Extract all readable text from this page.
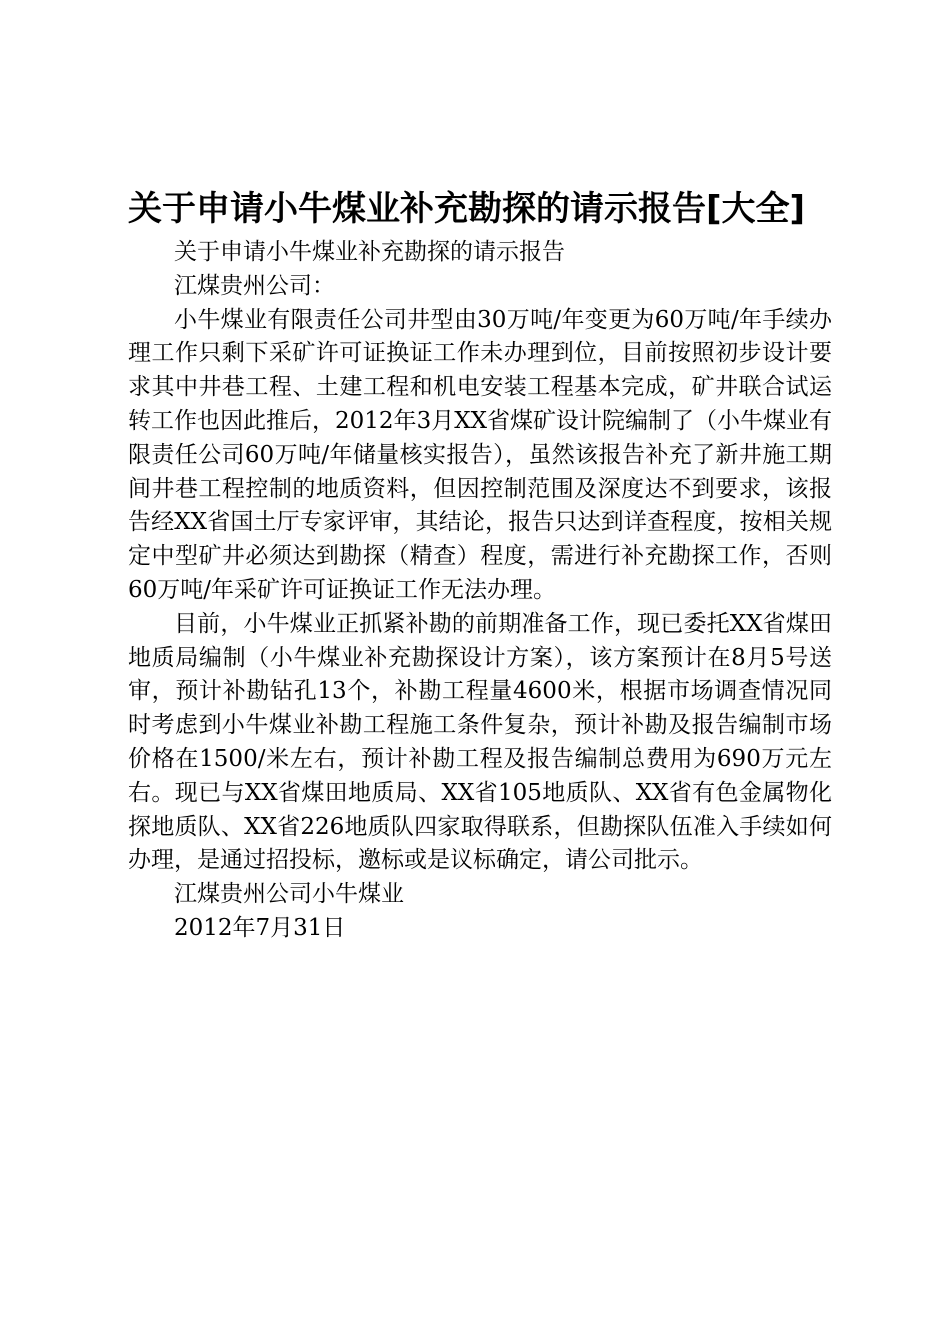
关于申请小牛煤业补充勘探的请示报告[大全]

关于申请小牛煤业补充勘探的请示报告

江煤贵州公司：

小牛煤业有限责任公司井型由30万吨/年变更为60万吨/年手续办理工作只剩下采矿许可证换证工作未办理到位，目前按照初步设计要求其中井巷工程、土建工程和机电安装工程基本完成，矿井联合试运转工作也因此推后，2012年3月XX省煤矿设计院编制了（小牛煤业有限责任公司60万吨/年储量核实报告），虽然该报告补充了新井施工期间井巷工程控制的地质资料，但因控制范围及深度达不到要求，该报告经XX省国土厅专家评审，其结论，报告只达到详查程度，按相关规定中型矿井必须达到勘探（精查）程度，需进行补充勘探工作，否则60万吨/年采矿许可证换证工作无法办理。

目前，小牛煤业正抓紧补勘的前期准备工作，现已委托XX省煤田地质局编制（小牛煤业补充勘探设计方案），该方案预计在8月5号送审，预计补勘钻孔13个，补勘工程量4600米，根据市场调查情况同时考虑到小牛煤业补勘工程施工条件复杂，预计补勘及报告编制市场价格在1500/米左右，预计补勘工程及报告编制总费用为690万元左右。现已与XX省煤田地质局、XX省105地质队、XX省有色金属物化探地质队、XX省226地质队四家取得联系，但勘探队伍准入手续如何办理，是通过招投标，邀标或是议标确定，请公司批示。

江煤贵州公司小牛煤业

2012年7月31日
